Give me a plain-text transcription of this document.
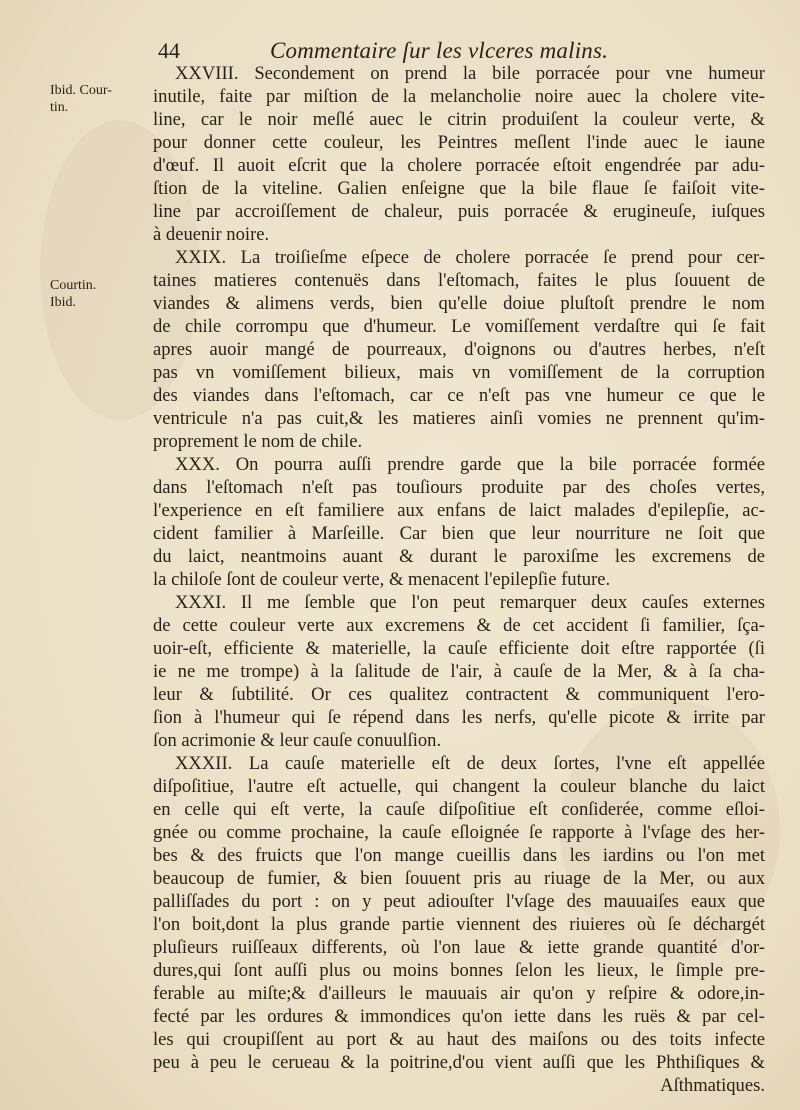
44	Commentaire ſur les vlceres malins.
Ibid. Cour-
tin.
Courtin.
Ibid.
XXVIII. Secondement on prend la bile porracée pour vne humeur
inutile, faite par miſtion de la melancholie noire auec la cholere vite-
line, car le noir meſlé auec le citrin produiſent la couleur verte, &
pour donner cette couleur, les Peintres meſlent l'inde auec le iaune
d'œuf. Il auoit eſcrit que la cholere porracée eſtoit engendrée par adu-
ſtion de la viteline. Galien enſeigne que la bile flaue ſe faiſoit vite-
line par accroiſſement de chaleur, puis porracée & erugineuſe, iuſques
à deuenir noire.
XXIX. La troiſieſme eſpece de cholere porracée ſe prend pour cer-
taines matieres contenuës dans l'eſtomach, faites le plus ſouuent de
viandes & alimens verds, bien qu'elle doiue pluſtoſt prendre le nom
de chile corrompu que d'humeur. Le vomiſſement verdaſtre qui ſe fait
apres auoir mangé de pourreaux, d'oignons ou d'autres herbes, n'eſt
pas vn vomiſſement bilieux, mais vn vomiſſement de la corruption
des viandes dans l'eſtomach, car ce n'eſt pas vne humeur ce que le
ventricule n'a pas cuit,& les matieres ainſi vomies ne prennent qu'im-
proprement le nom de chile.
XXX. On pourra auſſi prendre garde que la bile porracée formée
dans l'eſtomach n'eſt pas touſiours produite par des choſes vertes,
l'experience en eſt familiere aux enfans de laict malades d'epilepſie, ac-
cident familier à Marſeille. Car bien que leur nourriture ne ſoit que
du laict, neantmoins auant & durant le paroxiſme les excremens de
la chiloſe ſont de couleur verte, & menacent l'epilepſie future.
XXXI. Il me ſemble que l'on peut remarquer deux cauſes externes
de cette couleur verte aux excremens & de cet accident ſi familier, ſça-
uoir-eſt, efficiente & materielle, la cauſe efficiente doit eſtre rapportée (ſi
ie ne me trompe) à la ſalitude de l'air, à cauſe de la Mer, & à ſa cha-
leur & ſubtilité. Or ces qualitez contractent & communiquent l'ero-
ſion à l'humeur qui ſe répend dans les nerfs, qu'elle picote & irrite par
ſon acrimonie & leur cauſe conuulſion.
XXXII. La cauſe materielle eſt de deux ſortes, l'vne eſt appellée
diſpoſitiue, l'autre eſt actuelle, qui changent la couleur blanche du laict
en celle qui eſt verte, la cauſe diſpoſitiue eſt conſiderée, comme eſloi-
gnée ou comme prochaine, la cauſe eſloignée ſe rapporte à l'vſage des her-
bes & des fruicts que l'on mange cueillis dans les iardins ou l'on met
beaucoup de fumier, & bien ſouuent pris au riuage de la Mer, ou aux
palliſſades du port : on y peut adiouſter l'vſage des mauuaiſes eaux que
l'on boit,dont la plus grande partie viennent des riuieres où ſe déchargét
pluſieurs ruiſſeaux differents, où l'on laue & iette grande quantité d'or-
dures,qui ſont auſſi plus ou moins bonnes ſelon les lieux, le ſimple pre-
ferable au miſte;& d'ailleurs le mauuais air qu'on y reſpire & odore,in-
fecté par les ordures & immondices qu'on iette dans les ruës & par cel-
les qui croupiſſent au port & au haut des maiſons ou des toits infecte
peu à peu le cerueau & la poitrine,d'ou vient auſſi que les Phthiſiques &
Aſthmatiques.
